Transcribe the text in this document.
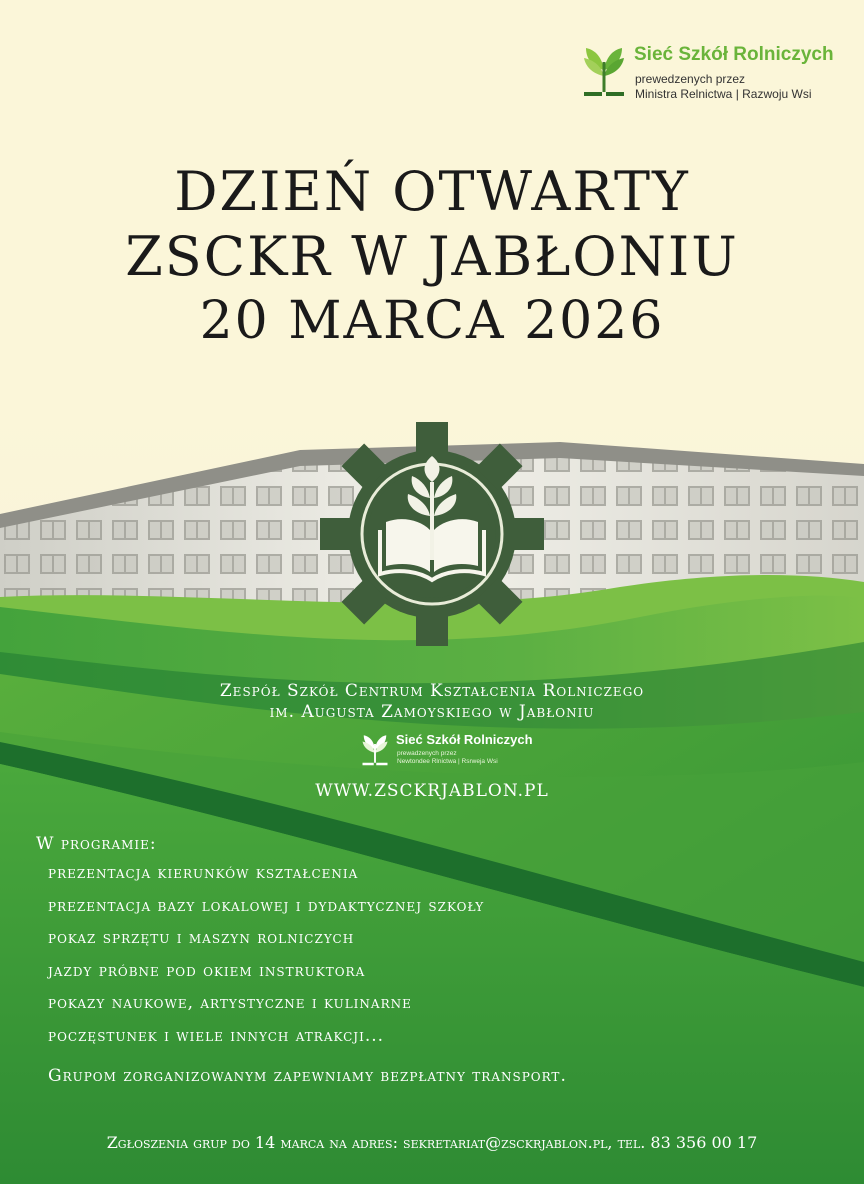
Sieć Szkół Rolniczych
prewedzenych przez
Ministra Relnictwa | Razwoju Wsi
DZIEŃ OTWARTY
ZSCKR W JABŁONIU
20 MARCA 2026
Zespół Szkół Centrum Kształcenia Rolniczego
im. Augusta Zamoyskiego w Jabłoniu
Sieć Szkół Rolniczych
prewadzenych przez
Newtondee Rlnictwa | Rsrweja Wsi
WWW.ZSCKRJABLON.PL
W programie:
prezentacja kierunków kształcenia
prezentacja bazy lokalowej i dydaktycznej szkoły
pokaz sprzętu i maszyn rolniczych
jazdy próbne pod okiem instruktora
pokazy naukowe, artystyczne i kulinarne
poczęstunek i wiele innych atrakcji...
Grupom zorganizowanym zapewniamy bezpłatny transport.
Zgłoszenia grup do 14 marca na adres: sekretariat@zsckrjablon.pl, tel. 83 356 00 17
